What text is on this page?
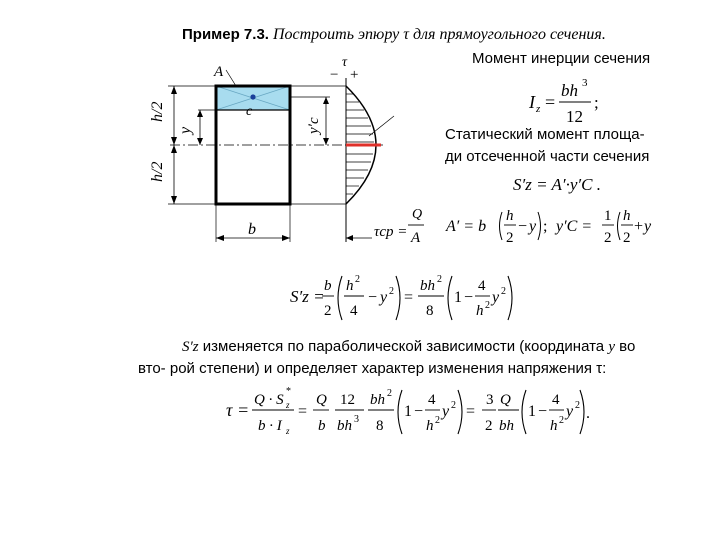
Пример 7.3. Построить эпюру τ для прямоугольного сечения.
Момент инерции сечения
I z =
bh 3
12
;
Статический момент площа-
ди отсеченной части сечения
S′z = A′·y′C .
h/2
h/2
y	y′c
A
c
b
− +
τ
τср =
Q
A
A′ = b
h
2
− y ; y′C =
1
2
h
2
+ y
S′z =
b
2
h 2
4
− y 2 =
bh 2
8
1 −
4
h 2 y 2
S′z изменяется по параболической зависимости (координата y во вто- рой степени) и определяет характер изменения напряжения τ:
τ = Q · S z
*
b · I z
=
Q
b
12
bh 3
bh 2
8
1 −
4
h 2
y 2 =
3
2
Q
bh
1 −
4
h 2
y 2 .
